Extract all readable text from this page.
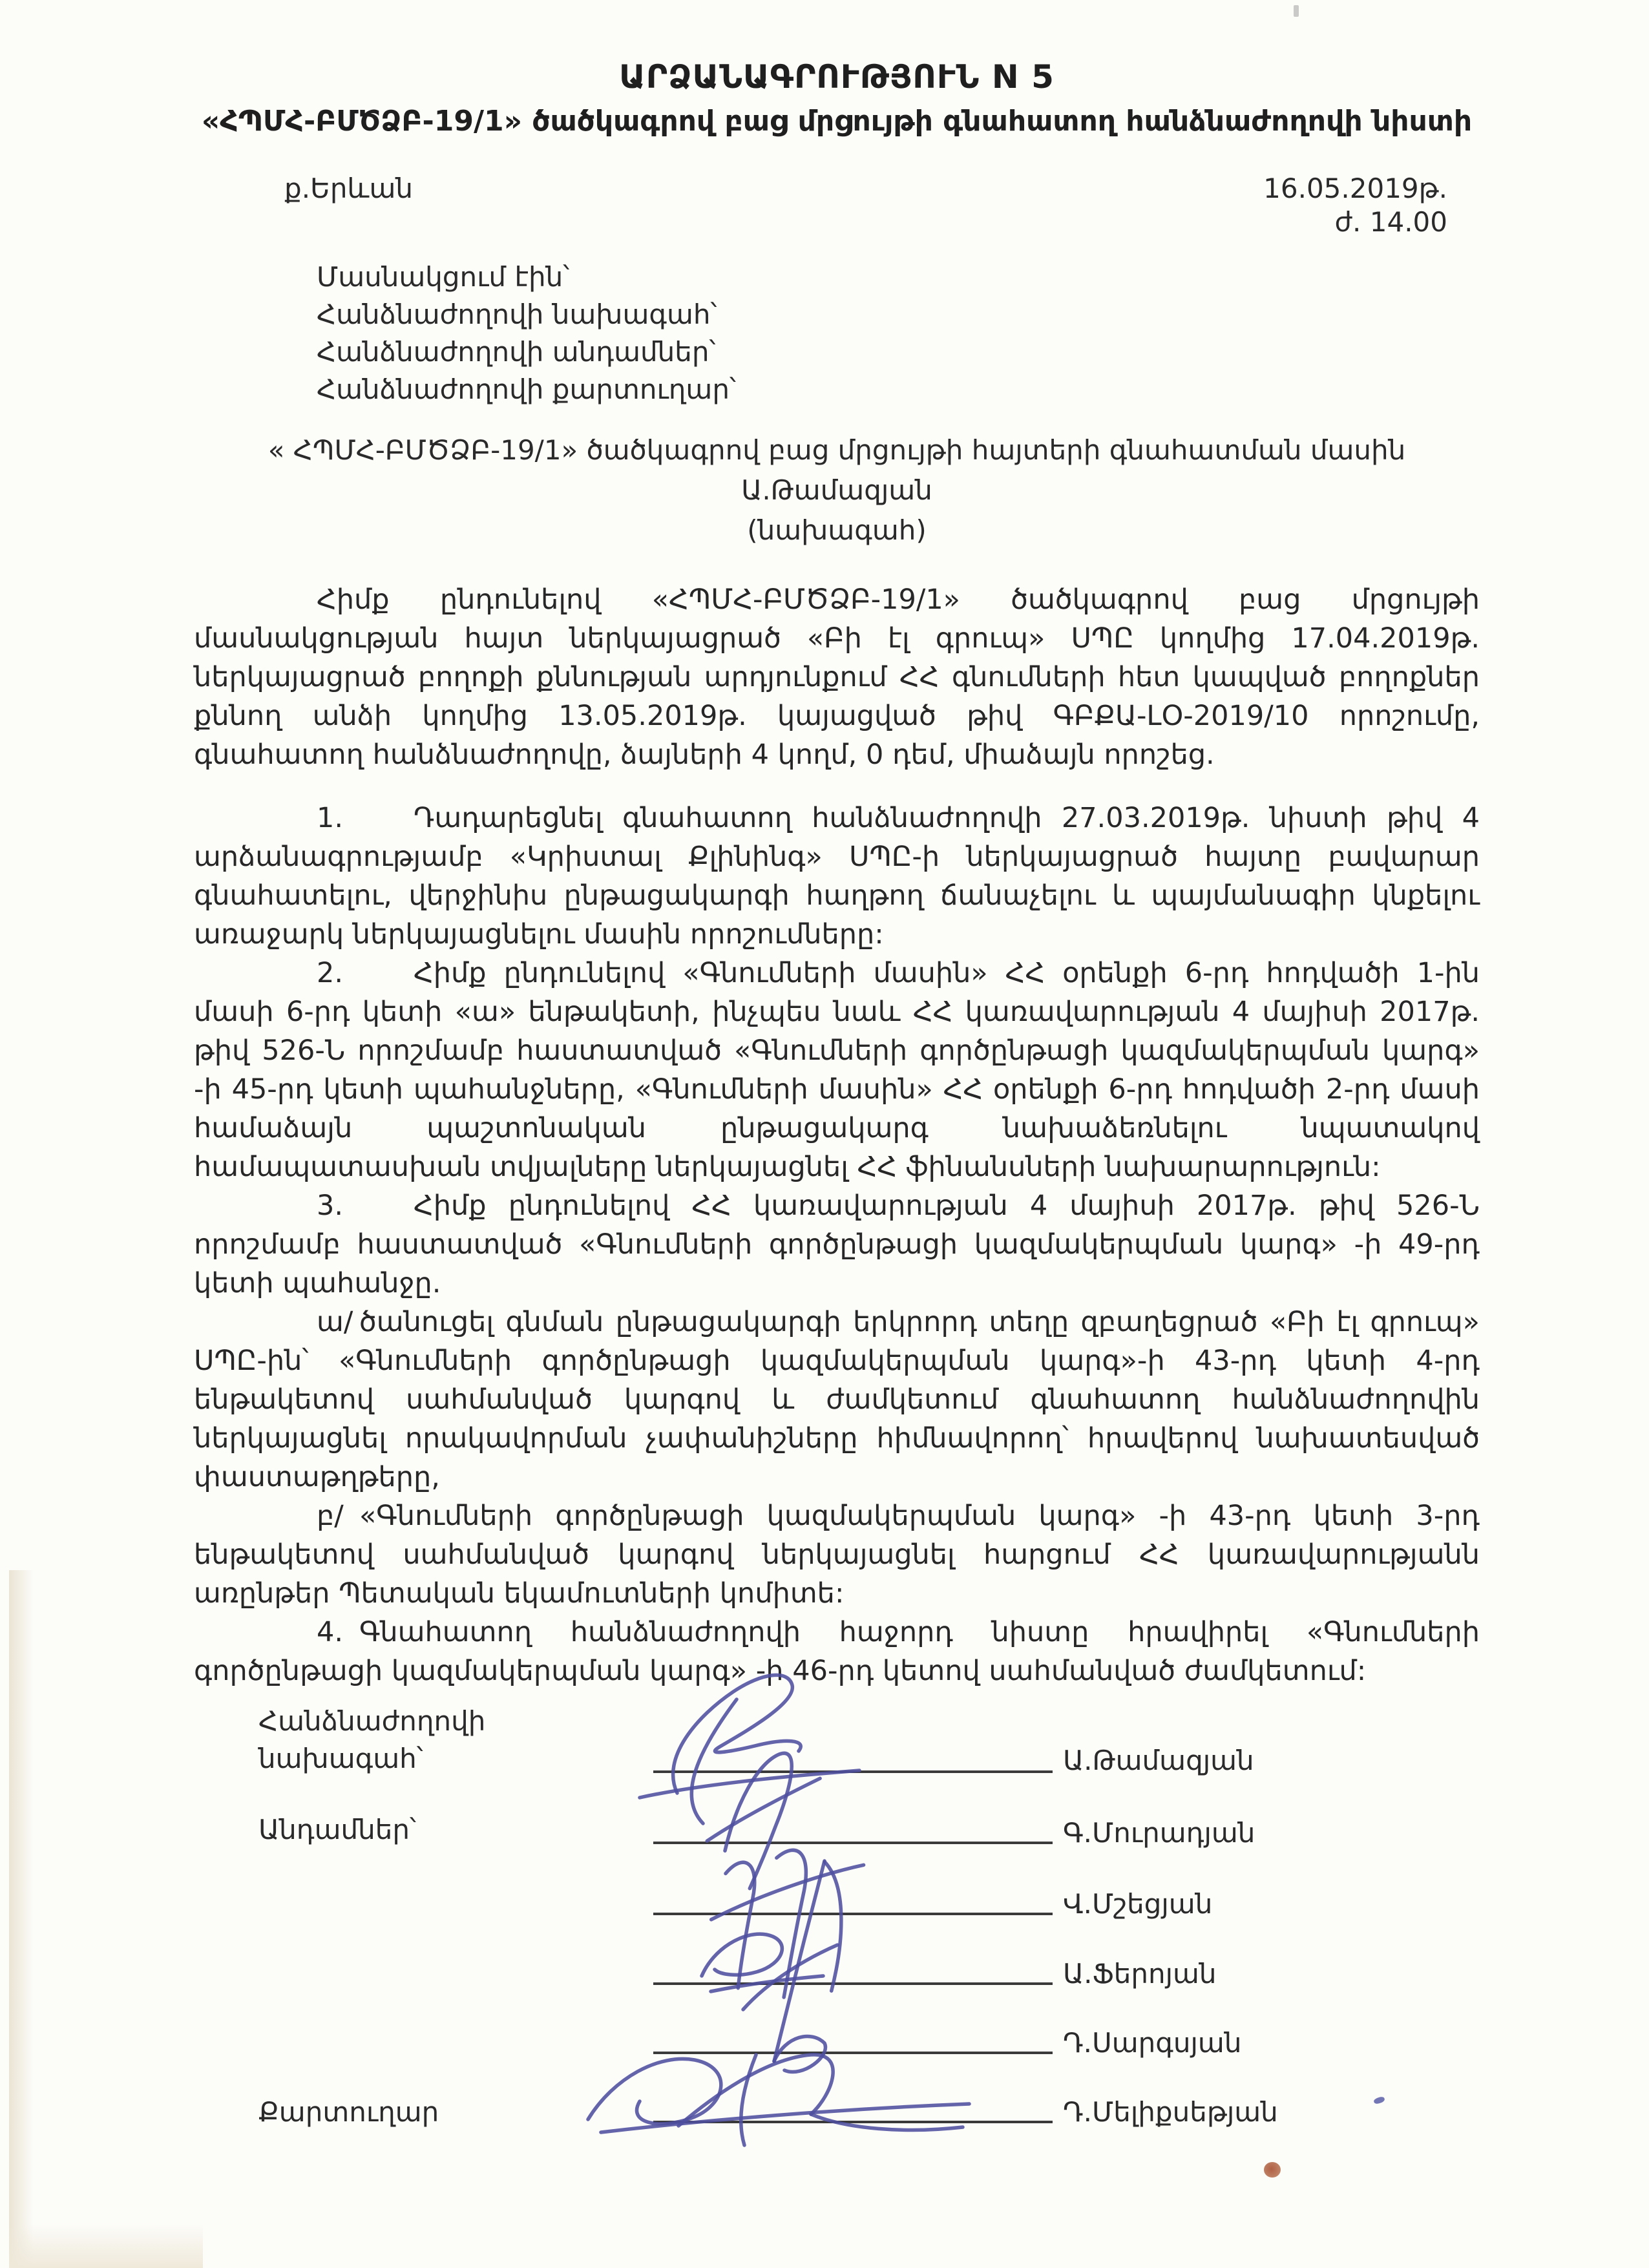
ԱՐՁԱՆԱԳՐՈՒԹՅՈՒՆ N 5
«ՀՊՄՀ-ԲՄԾՁԲ-19/1» ծածկագրով բաց մրցույթի գնահատող հանձնաժողովի նիստի
ք.Երևան	16.05.2019թ.
ժ. 14.00

Մասնակցում էին՝

Հանձնաժողովի նախագահ՝

Հանձնաժողովի անդամներ՝

Հանձնաժողովի քարտուղար՝

« ՀՊՄՀ-ԲՄԾՁԲ-19/1» ծածկագրով բաց մրցույթի հայտերի գնահատման մասին

Ա.Թամազյան

(նախագահ)

Հիմք ընդունելով «ՀՊՄՀ-ԲՄԾՁԲ-19/1» ծածկագրով բաց մրցույթի մասնակցության հայտ ներկայացրած «Բի էլ գրուպ» ՍՊԸ կողմից 17.04.2019թ. ներկայացրած բողոքի քննության արդյունքում ՀՀ գնումների հետ կապված բողոքներ քննող անձի կողմից 13.05.2019թ. կայացված թիվ ԳԲՔԱ-ԼՕ-2019/10 որոշումը, գնահատող հանձնաժողովը, ձայների 4 կողմ, 0 դեմ, միաձայն որոշեց.

1.	Դադարեցնել գնահատող հանձնաժողովի 27.03.2019թ. նիստի թիվ 4 արձանագրությամբ «Կրիստալ Քլինինգ» ՍՊԸ-ի ներկայացրած հայտը բավարար գնահատելու, վերջինիս ընթացակարգի հաղթող ճանաչելու և պայմանագիր կնքելու առաջարկ ներկայացնելու մասին որոշումները:

2.	Հիմք ընդունելով «Գնումների մասին» ՀՀ օրենքի 6-րդ հոդվածի 1-ին մասի 6-րդ կետի «ա» ենթակետի, ինչպես նաև ՀՀ կառավարության 4 մայիսի 2017թ. թիվ 526-Ն որոշմամբ հաստատված «Գնումների գործընթացի կազմակերպման կարգ» -ի 45-րդ կետի պահանջները, «Գնումների մասին» ՀՀ օրենքի 6-րդ հոդվածի 2-րդ մասի համաձայն պաշտոնական ընթացակարգ նախաձեռնելու նպատակով համապատասխան տվյալները ներկայացնել ՀՀ ֆինանսների նախարարություն:

3.	Հիմք ընդունելով ՀՀ կառավարության 4 մայիսի 2017թ. թիվ 526-Ն որոշմամբ հաստատված «Գնումների գործընթացի կազմակերպման կարգ» -ի 49-րդ կետի պահանջը.

ա/ ծանուցել գնման ընթացակարգի երկրորդ տեղը զբաղեցրած «Բի էլ գրուպ» ՍՊԸ-ին՝ «Գնումների գործընթացի կազմակերպման կարգ»-ի 43-րդ կետի 4-րդ ենթակետով սահմանված կարգով և ժամկետում գնահատող հանձնաժողովին ներկայացնել որակավորման չափանիշները հիմնավորող՝ հրավերով նախատեսված փաստաթղթերը,

բ/ «Գնումների գործընթացի կազմակերպման կարգ» -ի 43-րդ կետի 3-րդ ենթակետով սահմանված կարգով ներկայացնել հարցում ՀՀ կառավարությանն առընթեր Պետական եկամուտների կոմիտե:

4. Գնահատող հանձնաժողովի հաջորդ նիստը հրավիրել «Գնումների գործընթացի կազմակերպման կարգ» -ի 46-րդ կետով սահմանված ժամկետում:

Հանձնաժողովի
նախագահ՝
Անդամներ՝
Քարտուղար
Ա.Թամազյան
Գ.Մուրադյան
Վ.Մշեցյան
Ա.Ֆերոյան
Դ.Սարգսյան
Դ.Մելիքսեթյան
